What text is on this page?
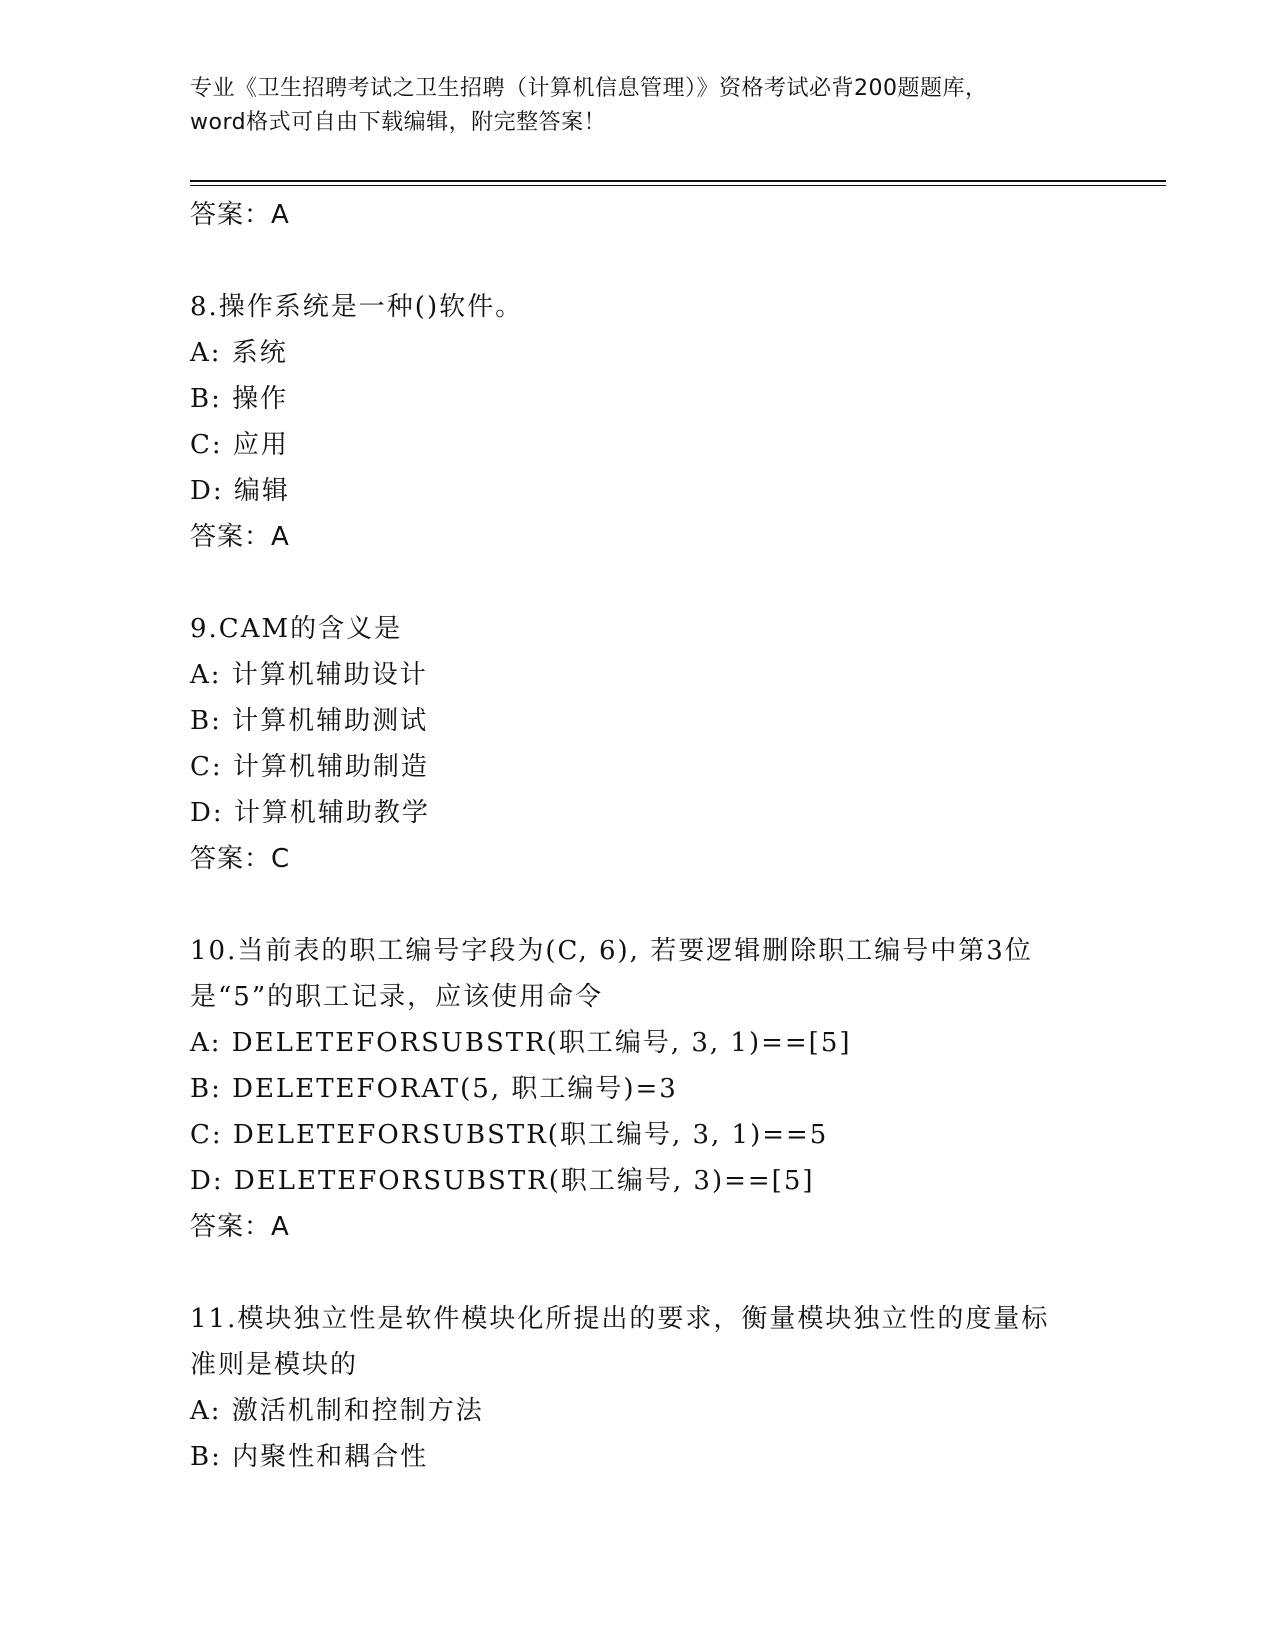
专业《卫生招聘考试之卫生招聘（计算机信息管理）》资格考试必背200题题库，
word格式可自由下载编辑，附完整答案！
答案：A
8.操作系统是一种()软件。
A: 系统
B: 操作
C: 应用
D: 编辑
答案：A
9.CAM的含义是
A: 计算机辅助设计
B: 计算机辅助测试
C: 计算机辅助制造
D: 计算机辅助教学
答案：C
10.当前表的职工编号字段为(C, 6), 若要逻辑删除职工编号中第3位
是“5”的职工记录，应该使用命令
A: DELETEFORSUBSTR(职工编号, 3, 1)==[5]
B: DELETEFORAT(5, 职工编号)=3
C: DELETEFORSUBSTR(职工编号, 3, 1)==5
D: DELETEFORSUBSTR(职工编号, 3)==[5]
答案：A
11.模块独立性是软件模块化所提出的要求，衡量模块独立性的度量标
准则是模块的
A: 激活机制和控制方法
B: 内聚性和耦合性
